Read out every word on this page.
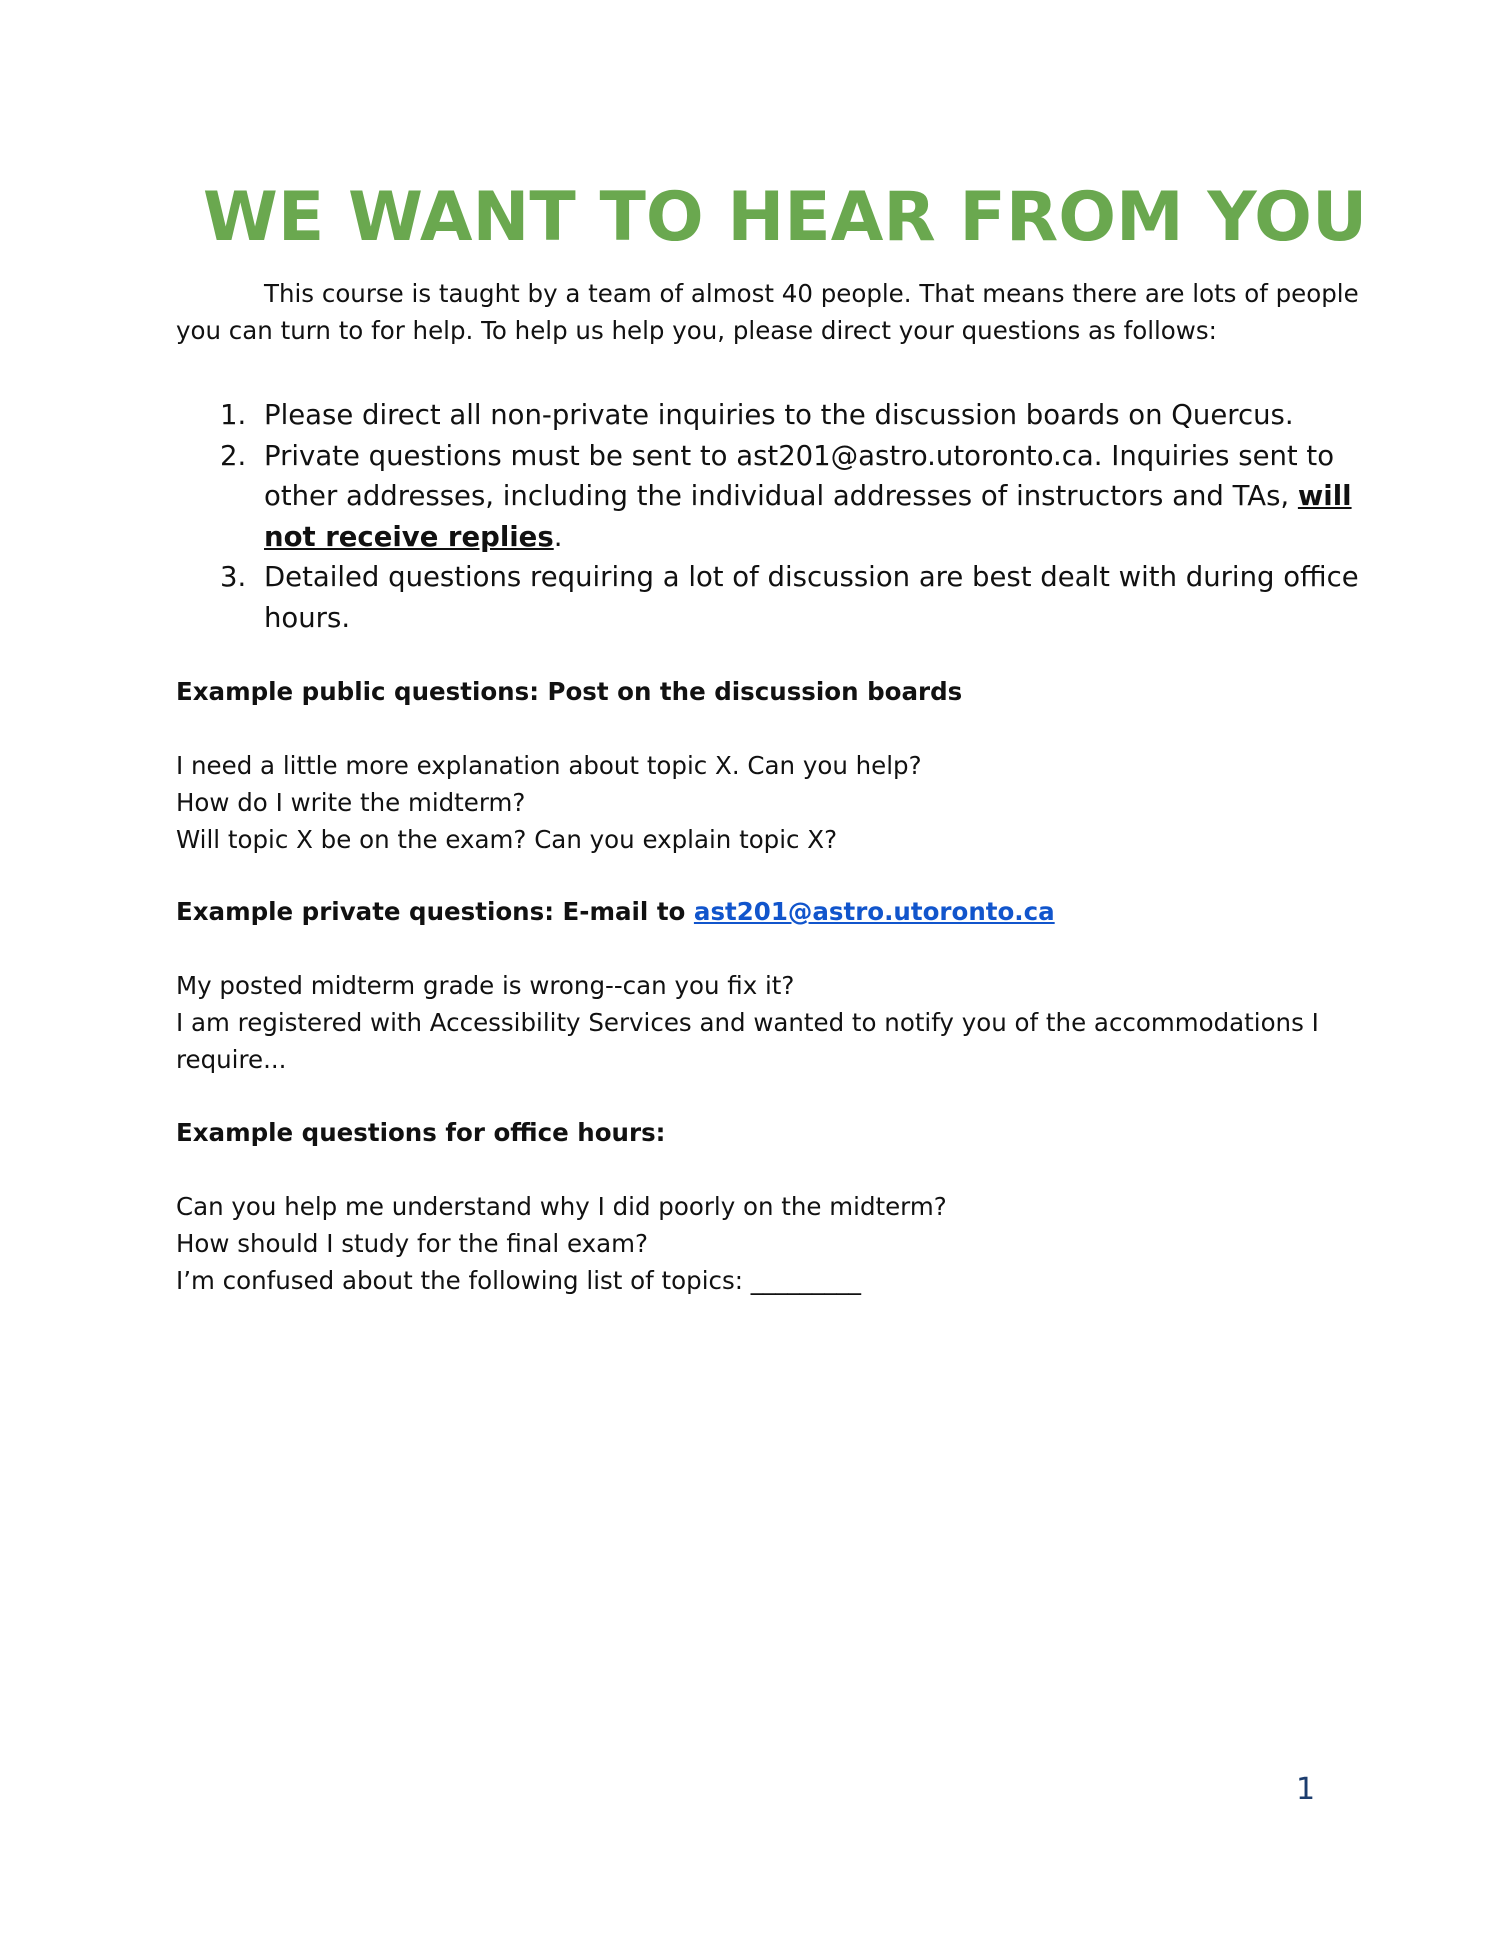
WE WANT TO HEAR FROM YOU

This course is taught by a team of almost 40 people. That means there are lots of people you can turn to for help. To help us help you, please direct your questions as follows:

1. Please direct all non-private inquiries to the discussion boards on Quercus.
2. Private questions must be sent to ast201@astro.utoronto.ca. Inquiries sent to other addresses, including the individual addresses of instructors and TAs, will not receive replies.
3. Detailed questions requiring a lot of discussion are best dealt with during office hours.
Example public questions: Post on the discussion boards

I need a little more explanation about topic X. Can you help?
How do I write the midterm?
Will topic X be on the exam? Can you explain topic X?
Example private questions: E-mail to ast201@astro.utoronto.ca

My posted midterm grade is wrong--can you fix it?
I am registered with Accessibility Services and wanted to notify you of the accommodations I require...
Example questions for office hours:

Can you help me understand why I did poorly on the midterm?
How should I study for the final exam?
I’m confused about the following list of topics: _________
1
